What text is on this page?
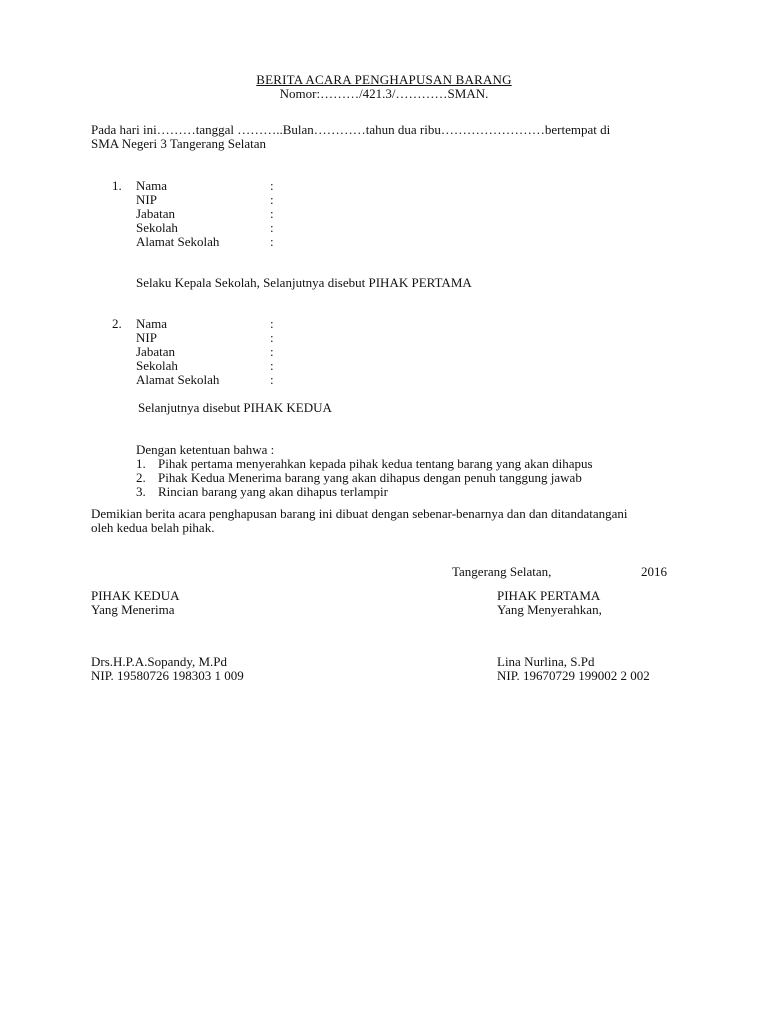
BERITA ACARA PENGHAPUSAN BARANG
Nomor:………/421.3/…………SMAN.
Pada hari ini………tanggal ………..Bulan…………tahun dua ribu……………………bertempat di
SMA Negeri 3 Tangerang Selatan
1. Nama	:
NIP	:
Jabatan	:
Sekolah	:
Alamat Sekolah	:
Selaku Kepala Sekolah, Selanjutnya disebut PIHAK PERTAMA
2. Nama	:
NIP	:
Jabatan	:
Sekolah	:
Alamat Sekolah	:
Selanjutnya disebut PIHAK KEDUA
Dengan ketentuan bahwa :
1. Pihak pertama menyerahkan kepada pihak kedua tentang barang yang akan dihapus
2. Pihak Kedua Menerima barang yang akan dihapus dengan penuh tanggung jawab
3. Rincian barang yang akan dihapus terlampir
Demikian berita acara penghapusan barang ini dibuat dengan sebenar-benarnya dan dan ditandatangani
oleh kedua belah pihak.
Tangerang Selatan,	2016
PIHAK KEDUA
Yang Menerima
Drs.H.P.A.Sopandy, M.Pd
NIP. 19580726 198303 1 009
PIHAK PERTAMA
Yang Menyerahkan,
Lina Nurlina, S.Pd
NIP. 19670729 199002 2 002
